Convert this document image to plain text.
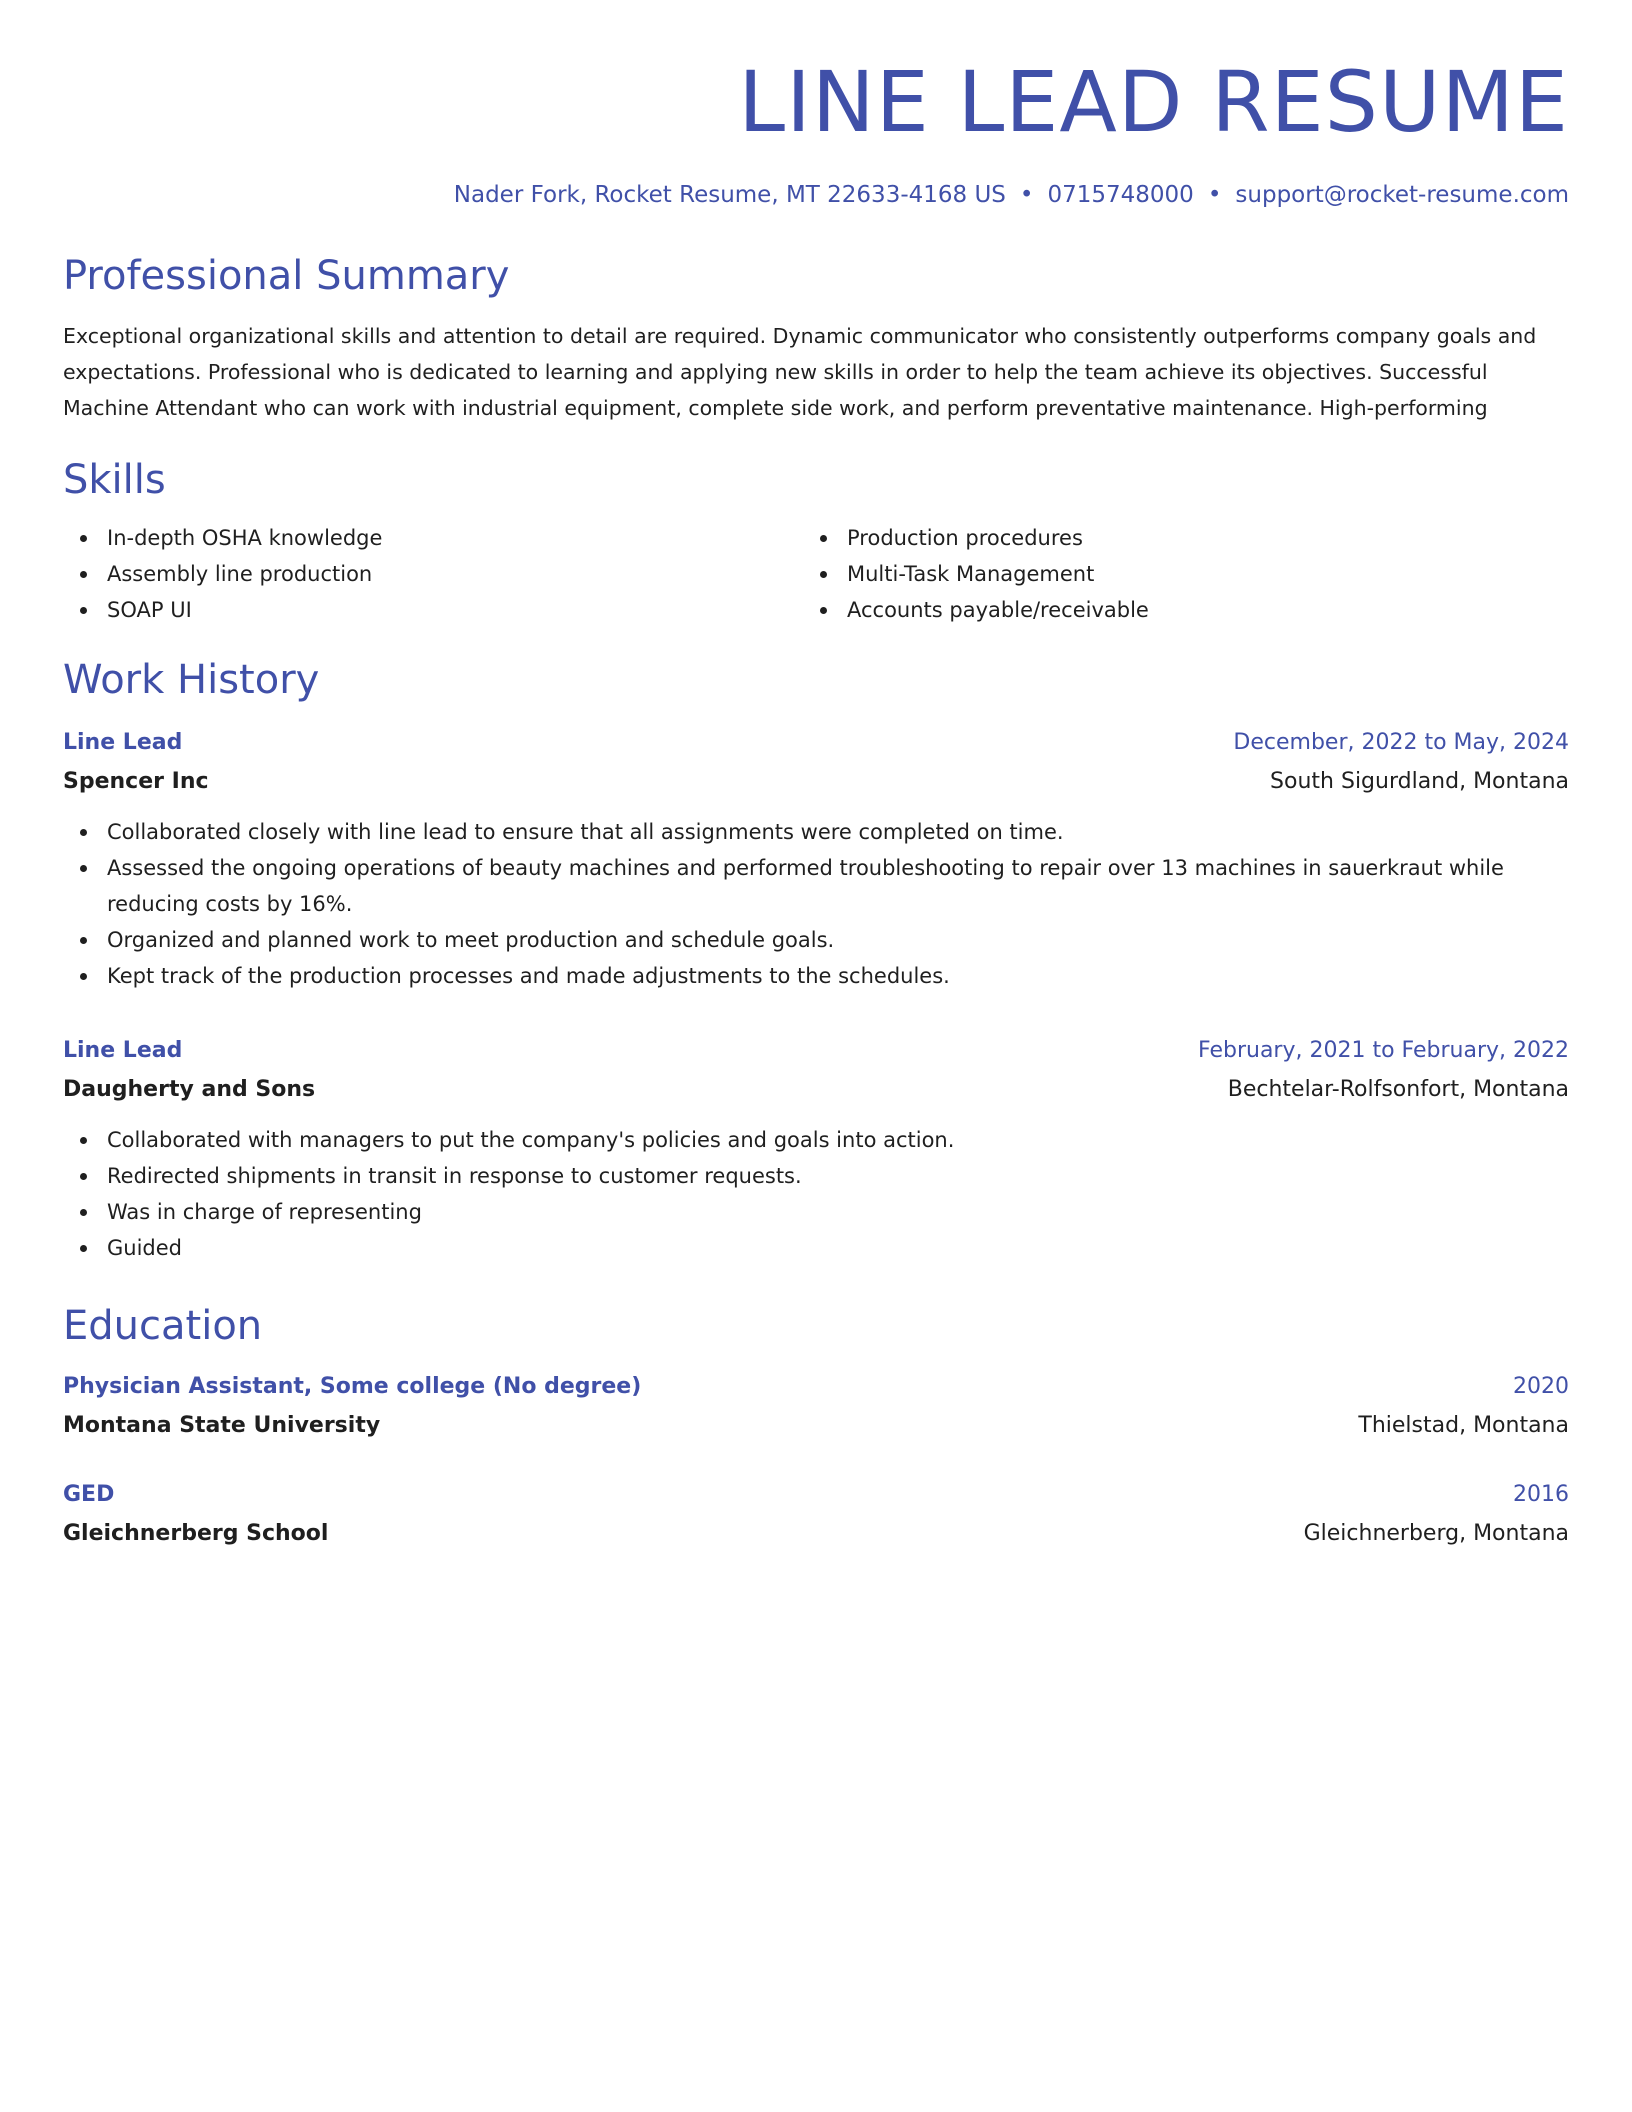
LINE LEAD RESUME
Nader Fork, Rocket Resume, MT 22633-4168 US • 0715748000 • support@rocket-resume.com
Professional Summary
Exceptional organizational skills and attention to detail are required. Dynamic communicator who consistently outperforms company goals and expectations. Professional who is dedicated to learning and applying new skills in order to help the team achieve its objectives. Successful Machine Attendant who can work with industrial equipment, complete side work, and perform preventative maintenance. High-performing
Skills
In-depth OSHA knowledge
Assembly line production
SOAP UI
Production procedures
Multi-Task Management
Accounts payable/receivable
Work History
Line Lead	December, 2022 to May, 2024
Spencer Inc	South Sigurdland, Montana
Collaborated closely with line lead to ensure that all assignments were completed on time.
Assessed the ongoing operations of beauty machines and performed troubleshooting to repair over 13 machines in sauerkraut while reducing costs by 16%.
Organized and planned work to meet production and schedule goals.
Kept track of the production processes and made adjustments to the schedules.
Line Lead	February, 2021 to February, 2022
Daugherty and Sons	Bechtelar-Rolfsonfort, Montana
Collaborated with managers to put the company's policies and goals into action.
Redirected shipments in transit in response to customer requests.
Was in charge of representing
Guided
Education
Physician Assistant, Some college (No degree)	2020
Montana State University	Thielstad, Montana
GED	2016
Gleichnerberg School	Gleichnerberg, Montana
